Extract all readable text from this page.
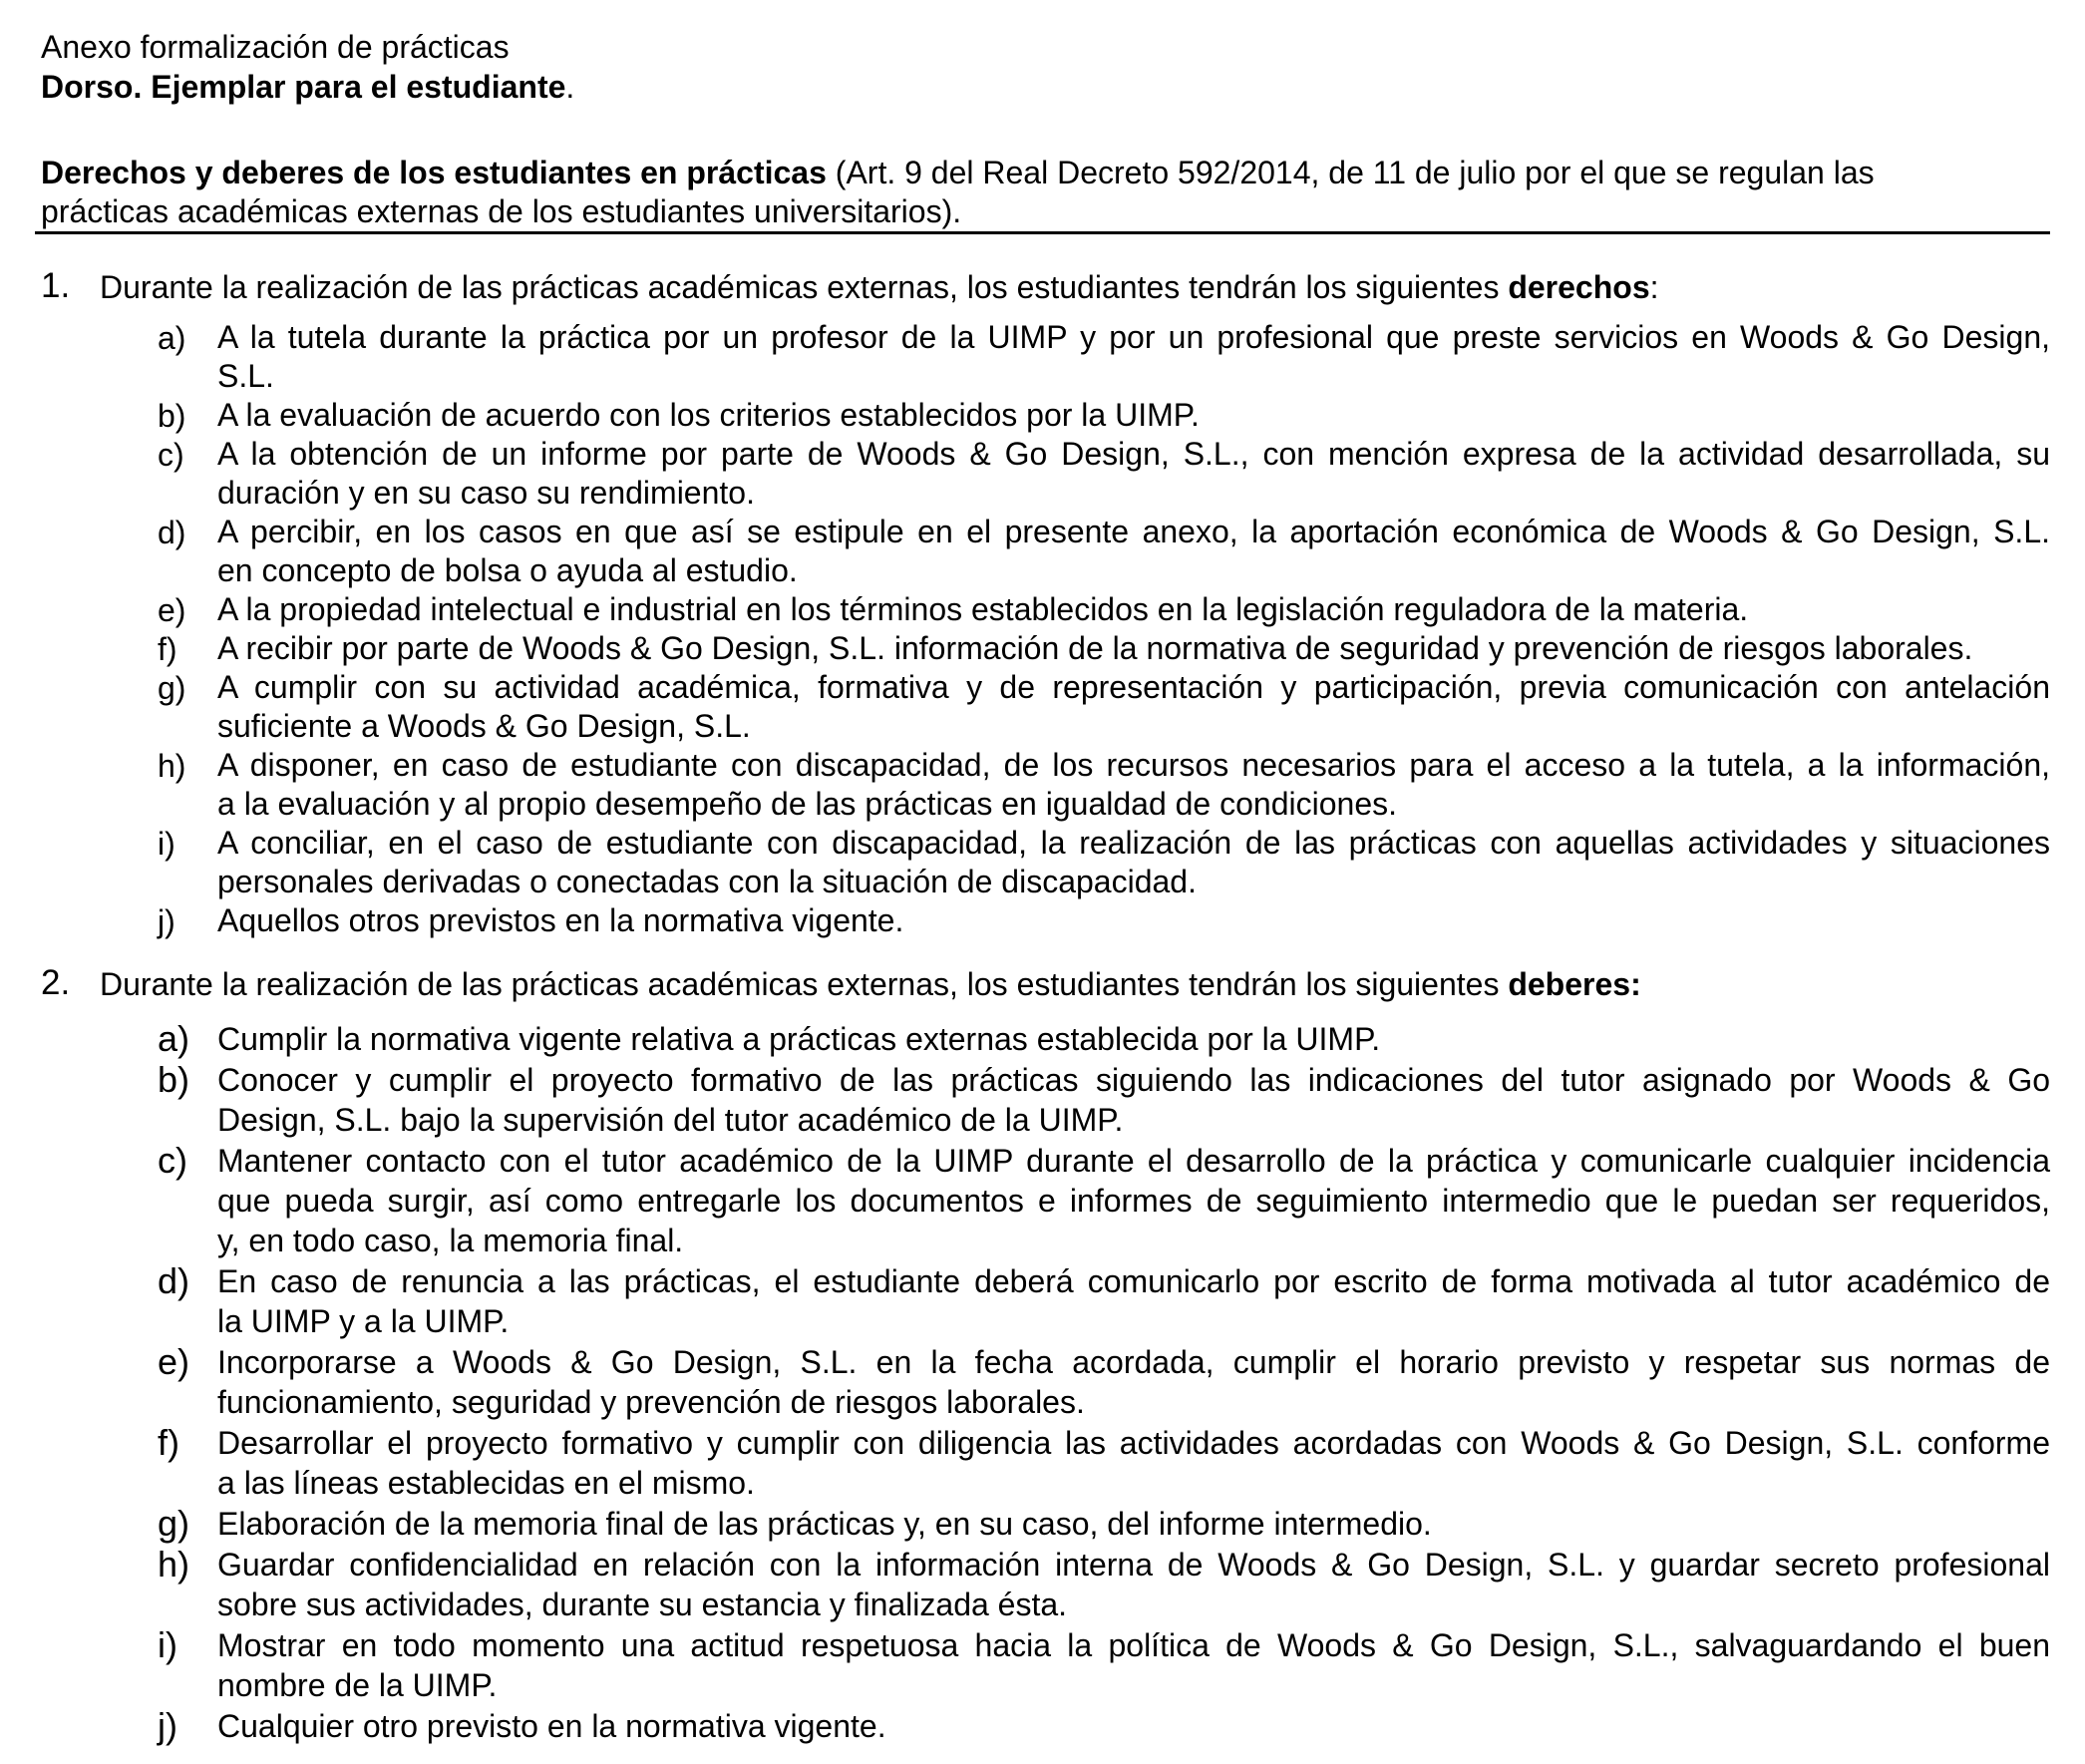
Anexo formalización de prácticas
Dorso. Ejemplar para el estudiante.
Derechos y deberes de los estudiantes en prácticas (Art. 9 del Real Decreto 592/2014, de 11 de julio por el que se regulan las
prácticas académicas externas de los estudiantes universitarios).
1. Durante la realización de las prácticas académicas externas, los estudiantes tendrán los siguientes derechos:
a) A la tutela durante la práctica por un profesor de la UIMP y por un profesional que preste servicios en Woods & Go Design,
S.L.
b) A la evaluación de acuerdo con los criterios establecidos por la UIMP.
c) A la obtención de un informe por parte de Woods & Go Design, S.L., con mención expresa de la actividad desarrollada, su
duración y en su caso su rendimiento.
d) A percibir, en los casos en que así se estipule en el presente anexo, la aportación económica de Woods & Go Design, S.L.
en concepto de bolsa o ayuda al estudio.
e) A la propiedad intelectual e industrial en los términos establecidos en la legislación reguladora de la materia.
f) A recibir por parte de Woods & Go Design, S.L. información de la normativa de seguridad y prevención de riesgos laborales.
g) A cumplir con su actividad académica, formativa y de representación y participación, previa comunicación con antelación
suficiente a Woods & Go Design, S.L.
h) A disponer, en caso de estudiante con discapacidad, de los recursos necesarios para el acceso a la tutela, a la información,
a la evaluación y al propio desempeño de las prácticas en igualdad de condiciones.
i) A conciliar, en el caso de estudiante con discapacidad, la realización de las prácticas con aquellas actividades y situaciones
personales derivadas o conectadas con la situación de discapacidad.
j) Aquellos otros previstos en la normativa vigente.
2. Durante la realización de las prácticas académicas externas, los estudiantes tendrán los siguientes deberes:
a) Cumplir la normativa vigente relativa a prácticas externas establecida por la UIMP.
b) Conocer y cumplir el proyecto formativo de las prácticas siguiendo las indicaciones del tutor asignado por Woods & Go
Design, S.L. bajo la supervisión del tutor académico de la UIMP.
c) Mantener contacto con el tutor académico de la UIMP durante el desarrollo de la práctica y comunicarle cualquier incidencia
que pueda surgir, así como entregarle los documentos e informes de seguimiento intermedio que le puedan ser requeridos,
y, en todo caso, la memoria final.
d) En caso de renuncia a las prácticas, el estudiante deberá comunicarlo por escrito de forma motivada al tutor académico de
la UIMP y a la UIMP.
e) Incorporarse a Woods & Go Design, S.L. en la fecha acordada, cumplir el horario previsto y respetar sus normas de
funcionamiento, seguridad y prevención de riesgos laborales.
f) Desarrollar el proyecto formativo y cumplir con diligencia las actividades acordadas con Woods & Go Design, S.L. conforme
a las líneas establecidas en el mismo.
g) Elaboración de la memoria final de las prácticas y, en su caso, del informe intermedio.
h) Guardar confidencialidad en relación con la información interna de Woods & Go Design, S.L. y guardar secreto profesional
sobre sus actividades, durante su estancia y finalizada ésta.
i) Mostrar en todo momento una actitud respetuosa hacia la política de Woods & Go Design, S.L., salvaguardando el buen
nombre de la UIMP.
j) Cualquier otro previsto en la normativa vigente.
